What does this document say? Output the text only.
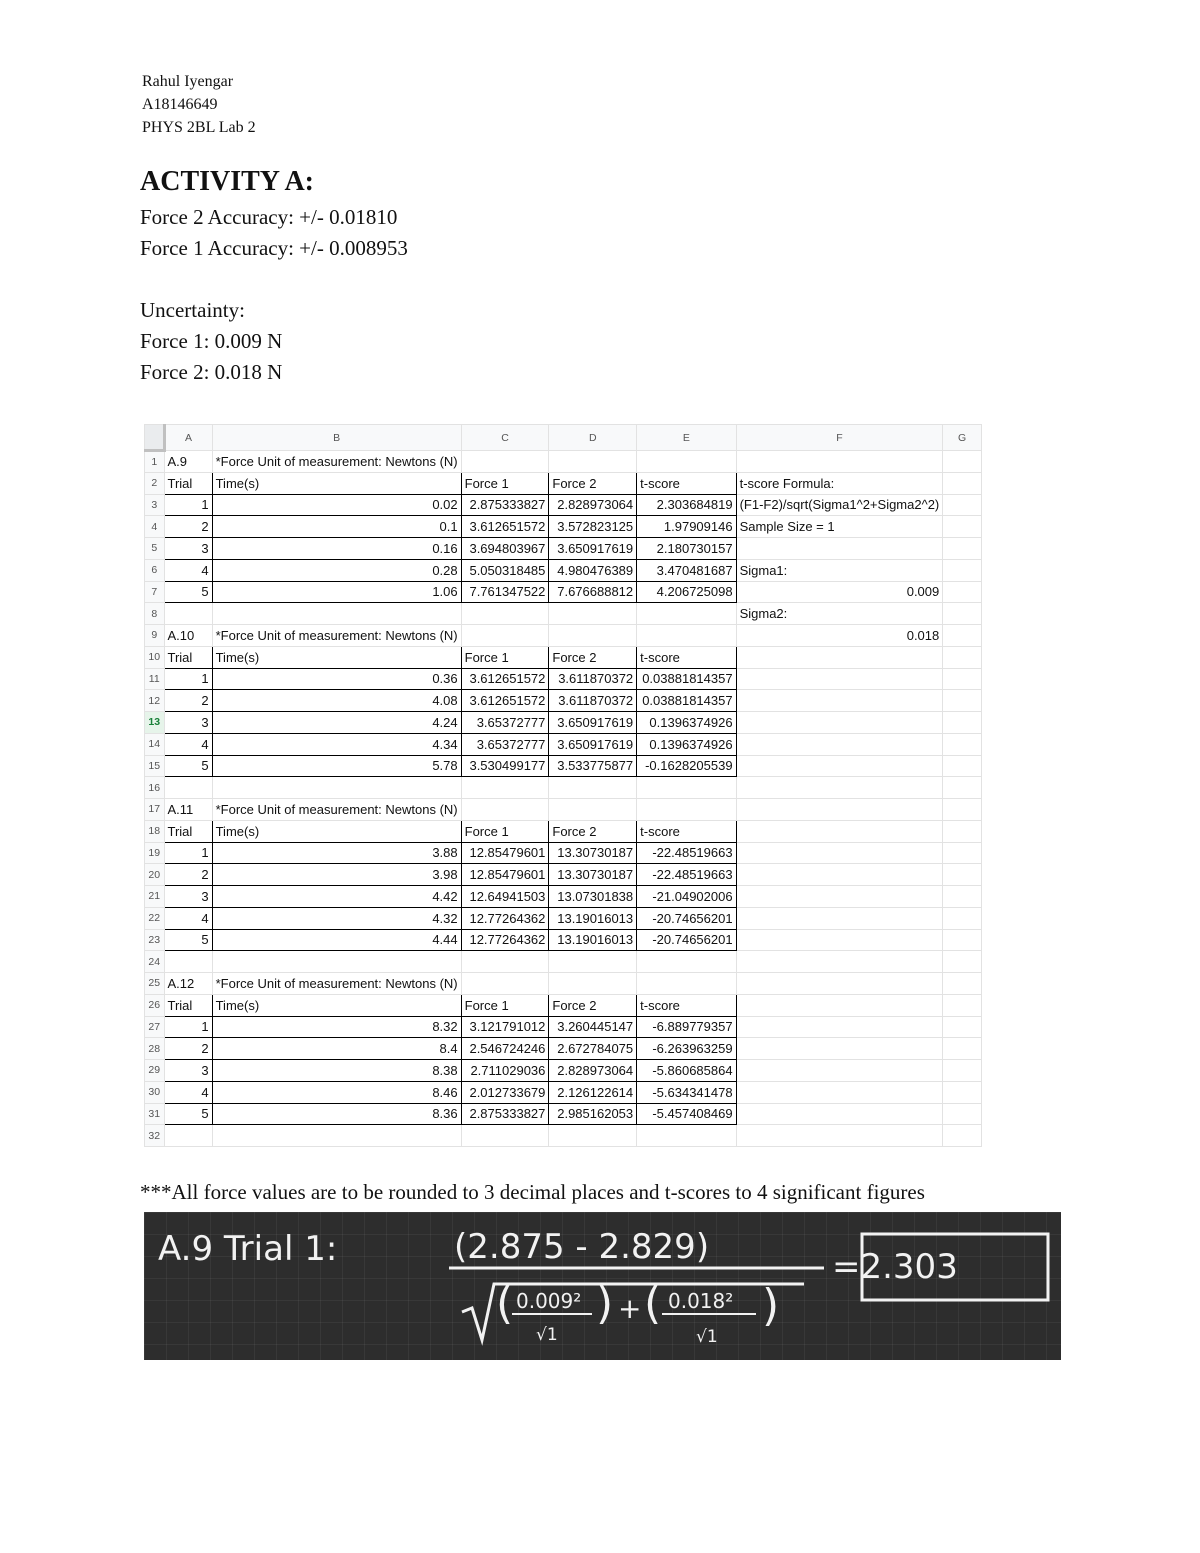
Rahul Iyengar
A18146649
PHYS 2BL Lab 2
ACTIVITY A:
Force 2 Accuracy: +/- 0.01810
Force 1 Accuracy: +/- 0.008953
Uncertainty:
Force 1: 0.009 N
Force 2: 0.018 N
	A	B	C	D	E	F	G
1	A.9	*Force Unit of measurement: Newtons (N)					
2	Trial	Time(s)	Force 1	Force 2	t-score	t-score Formula:	
3	1	0.02	2.875333827	2.828973064	2.303684819	(F1-F2)/sqrt(Sigma1^2+Sigma2^2)	
4	2	0.1	3.612651572	3.572823125	1.97909146	Sample Size = 1	
5	3	0.16	3.694803967	3.650917619	2.180730157		
6	4	0.28	5.050318485	4.980476389	3.470481687	Sigma1:	
7	5	1.06	7.761347522	7.676688812	4.206725098	0.009	
8						Sigma2:	
9	A.10	*Force Unit of measurement: Newtons (N)				0.018	
10	Trial	Time(s)	Force 1	Force 2	t-score		
11	1	0.36	3.612651572	3.611870372	0.03881814357		
12	2	4.08	3.612651572	3.611870372	0.03881814357		
13	3	4.24	3.65372777	3.650917619	0.1396374926		
14	4	4.34	3.65372777	3.650917619	0.1396374926		
15	5	5.78	3.530499177	3.533775877	-0.1628205539		
16							
17	A.11	*Force Unit of measurement: Newtons (N)					
18	Trial	Time(s)	Force 1	Force 2	t-score		
19	1	3.88	12.85479601	13.30730187	-22.48519663		
20	2	3.98	12.85479601	13.30730187	-22.48519663		
21	3	4.42	12.64941503	13.07301838	-21.04902006		
22	4	4.32	12.77264362	13.19016013	-20.74656201		
23	5	4.44	12.77264362	13.19016013	-20.74656201		
24							
25	A.12	*Force Unit of measurement: Newtons (N)					
26	Trial	Time(s)	Force 1	Force 2	t-score		
27	1	8.32	3.121791012	3.260445147	-6.889779357		
28	2	8.4	2.546724246	2.672784075	-6.263963259		
29	3	8.38	2.711029036	2.828973064	-5.860685864		
30	4	8.46	2.012733679	2.126122614	-5.634341478		
31	5	8.36	2.875333827	2.985162053	-5.457408469		
32							
***All force values are to be rounded to 3 decimal places and t-scores to 4 significant figures
A.9 Trial 1:	(2.875 - 2.829)
( 0.009²
√1
) + ( 0.018²
√1
)
=2.303
